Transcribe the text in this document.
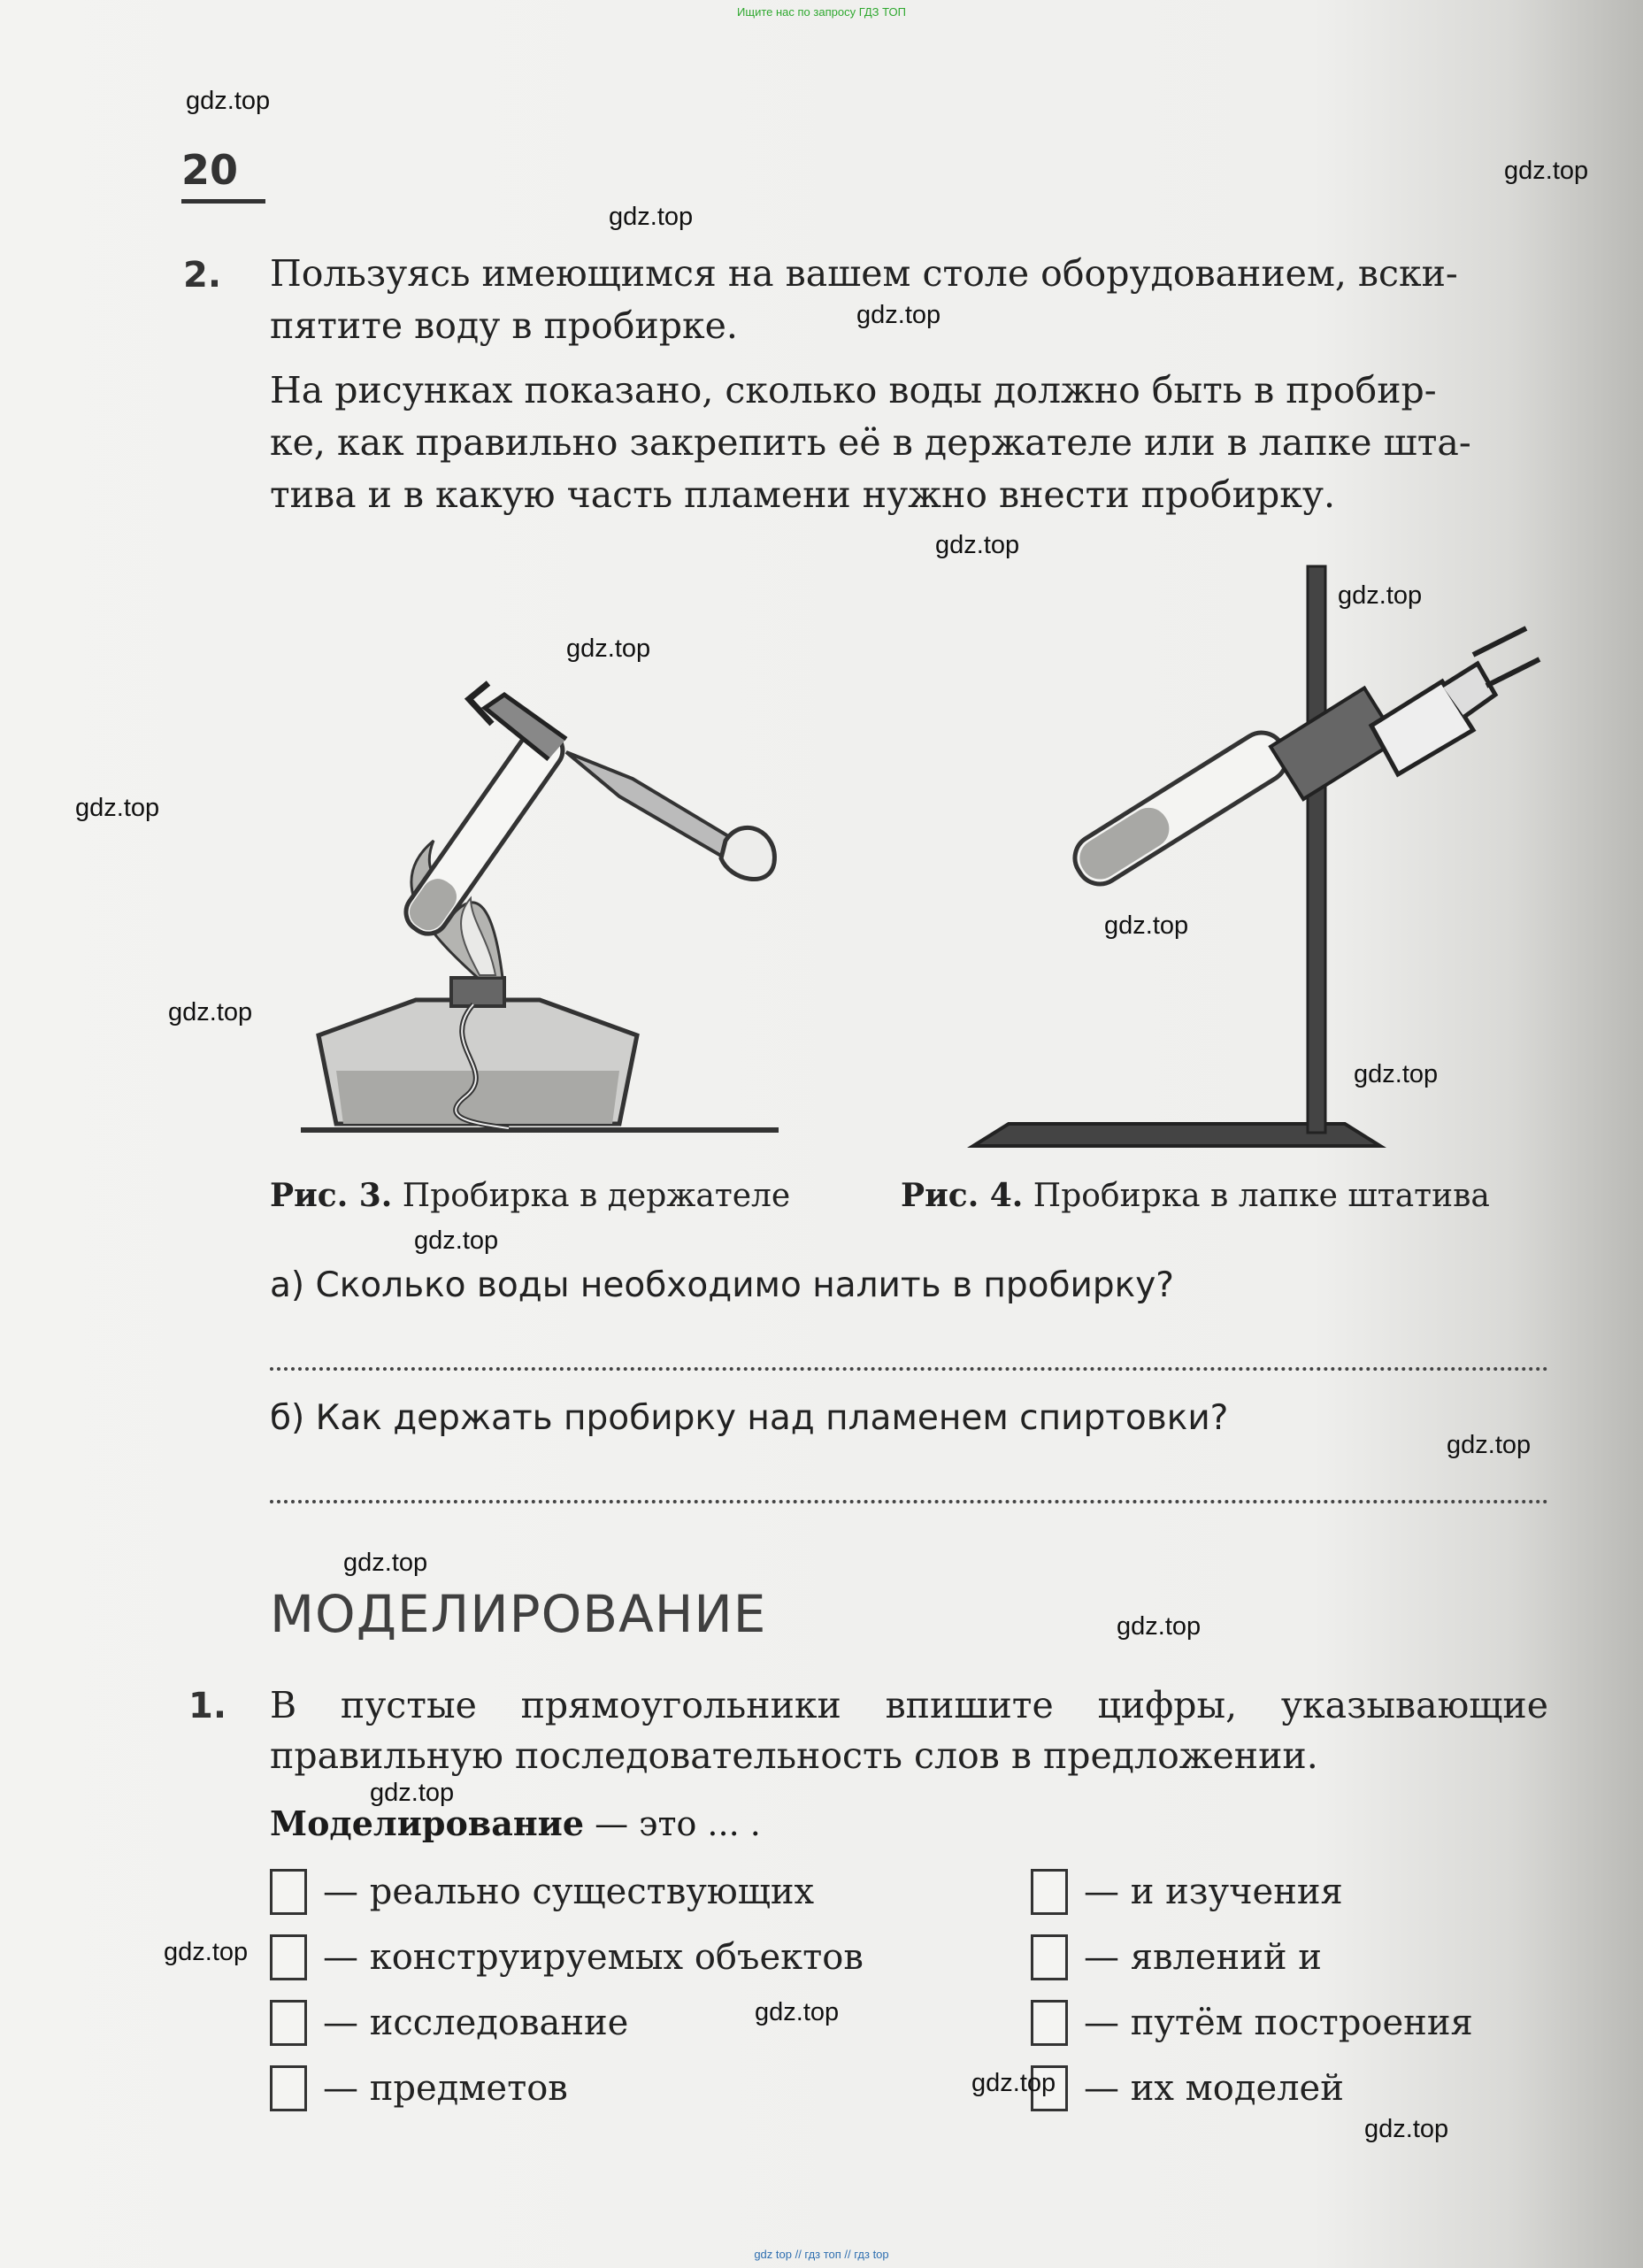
Ищите нас по запросу ГДЗ ТОП
20
2. Пользуясь имеющимся на вашем столе оборудованием, вски-
пятите воду в пробирке.
На рисунках показано, сколько воды должно быть в пробир-
ке, как правильно закрепить её в держателе или в лапке шта-
тива и в какую часть пламени нужно внести пробирку.
Рис. 3. Пробирка в держателе	Рис. 4. Пробирка в лапке штатива
а) Сколько воды необходимо налить в пробирку?
б) Как держать пробирку над пламенем спиртовки?
МОДЕЛИРОВАНИЕ
1. В пустые прямоугольники впишите цифры, указывающие
правильную последовательность слов в предложении.
Моделирование — это ... .
— реально существующих
— конструируемых объектов
— исследование
— предметов
— и изучения
— явлений и
— путём построения
— их моделей
gdz.top
gdz.top
gdz.top
gdz.top
gdz.top
gdz.top
gdz.top
gdz.top
gdz.top
gdz.top
gdz.top
gdz.top
gdz.top
gdz.top
gdz.top
gdz.top
gdz.top
gdz.top
gdz.top
gdz.top
gdz top // гдз топ // гдз top
